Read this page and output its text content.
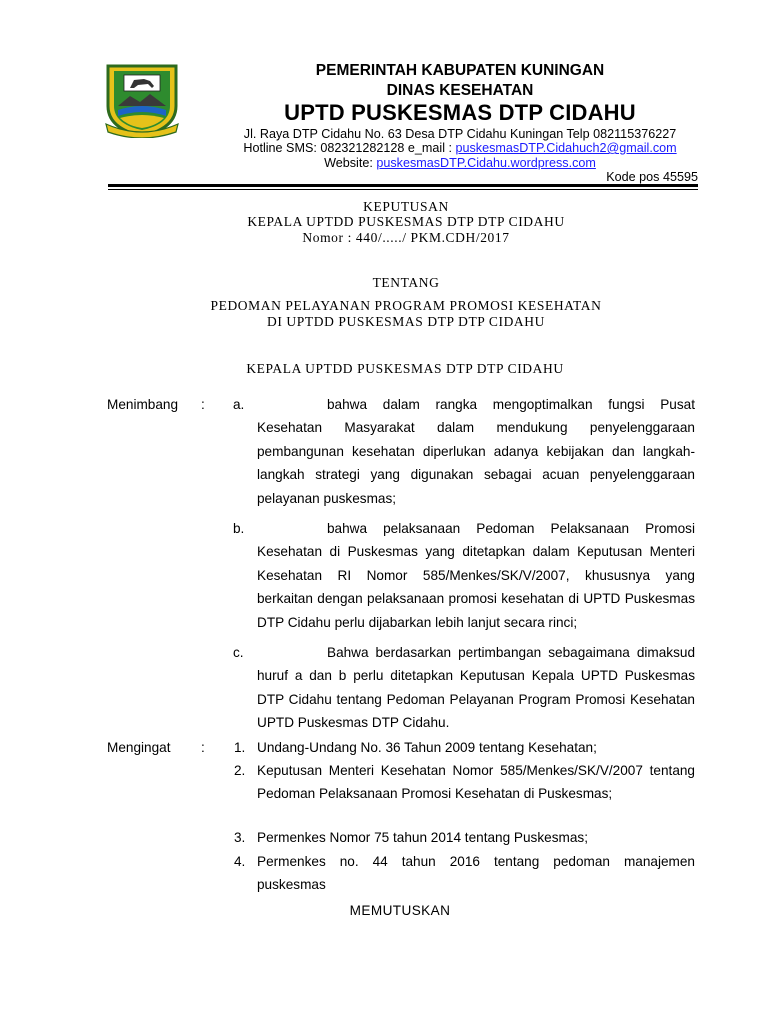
PEMERINTAH KABUPATEN KUNINGAN
DINAS KESEHATAN
UPTD PUSKESMAS DTP CIDAHU
Jl. Raya DTP Cidahu No. 63 Desa DTP Cidahu Kuningan Telp 082115376227
Hotline SMS: 082321282128 e_mail : puskesmasDTP.Cidahuch2@gmail.com
Website: puskesmasDTP.Cidahu.wordpress.com
Kode pos 45595
KEPUTUSAN
KEPALA UPTDD PUSKESMAS DTP DTP CIDAHU
Nomor : 440/...../ PKM.CDH/2017
TENTANG
PEDOMAN PELAYANAN PROGRAM PROMOSI KESEHATAN
DI UPTDD PUSKESMAS DTP DTP CIDAHU
KEPALA UPTDD PUSKESMAS DTP DTP CIDAHU
Menimbang : a.	bahwa dalam rangka mengoptimalkan fungsi Pusat Kesehatan Masyarakat dalam mendukung penyelenggaraan pembangunan kesehatan diperlukan adanya kebijakan dan langkah-langkah strategi yang digunakan sebagai acuan penyelenggaraan pelayanan puskesmas;
b.	bahwa pelaksanaan Pedoman Pelaksanaan Promosi Kesehatan di Puskesmas yang ditetapkan dalam Keputusan Menteri Kesehatan RI Nomor 585/Menkes/SK/V/2007, khususnya yang berkaitan dengan pelaksanaan promosi kesehatan di UPTD Puskesmas DTP Cidahu perlu dijabarkan lebih lanjut secara rinci;
c.	Bahwa berdasarkan pertimbangan sebagaimana dimaksud huruf a dan b perlu ditetapkan Keputusan Kepala UPTD Puskesmas DTP Cidahu tentang Pedoman Pelayanan Program Promosi Kesehatan UPTD Puskesmas DTP Cidahu.
Mengingat : 1. Undang-Undang No. 36 Tahun 2009 tentang Kesehatan;
2. Keputusan Menteri Kesehatan Nomor 585/Menkes/SK/V/2007 tentang Pedoman Pelaksanaan Promosi Kesehatan di Puskesmas;
3. Permenkes Nomor 75 tahun 2014 tentang Puskesmas;
4. Permenkes no. 44 tahun 2016 tentang pedoman manajemen puskesmas
MEMUTUSKAN
